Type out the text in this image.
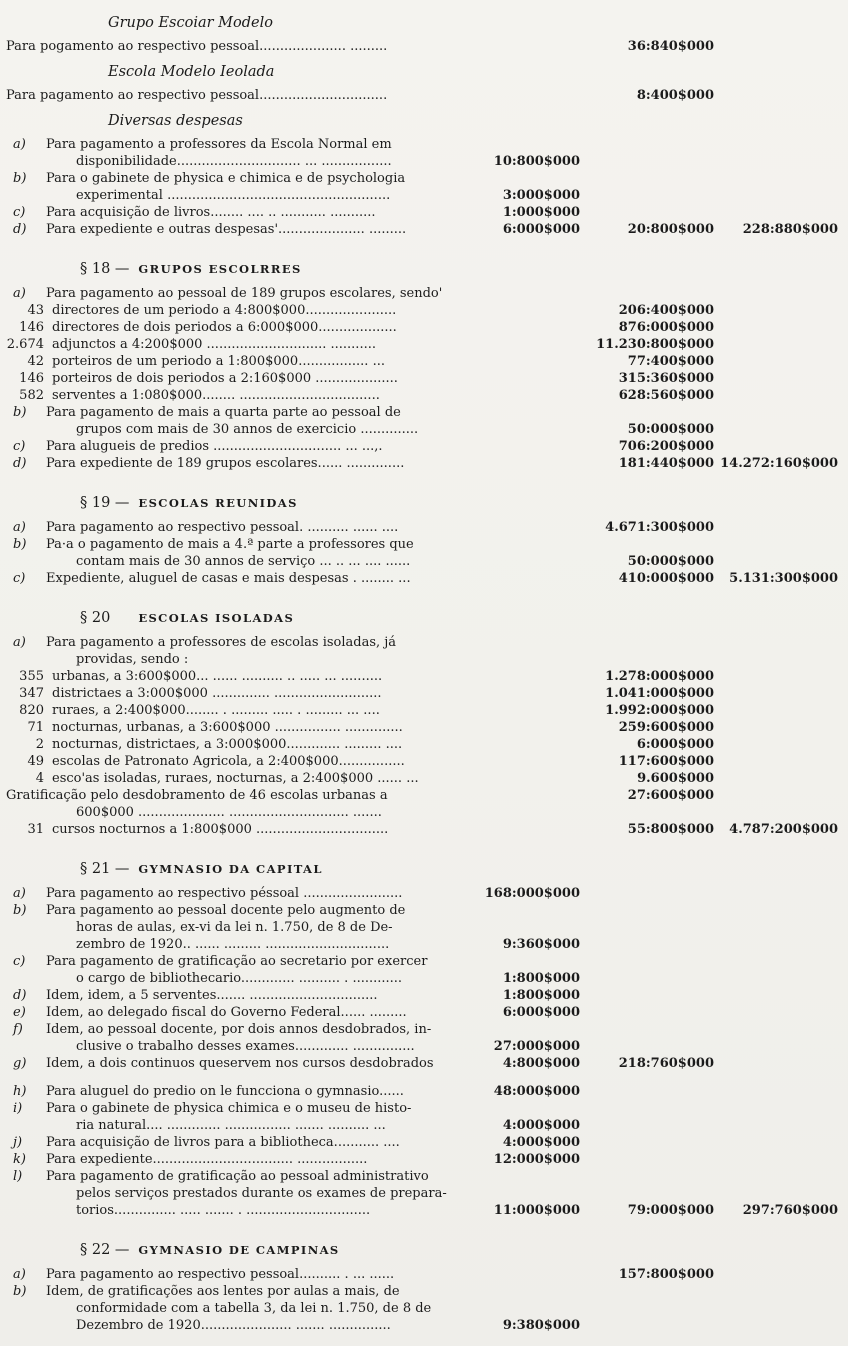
Grupo Escoiar Modelo
Para pogamento ao respectivo pessoal..................... .........	36:840$000
Escola Modelo Ieolada
Para pagamento ao respectivo pessoal...............................	8:400$000
Diversas despesas
a)	Para pagamento a professores da Escola Normal em
disponibilidade.............................. ... .................	10:800$000
b)	Para o gabinete de physica e chimica e de psychologia
experimental ......................................................	3:000$000
c)	Para acquisição de livros........ .... .. ........... ...........	1:000$000
d)	Para expediente e outras despesas'..................... .........	6:000$000	20:800$000	228:880$000
§ 18 — GRUPOS ESCOLRRES
a)	Para pagamento ao pessoal de 189 grupos escolares, sendo'
43 directores de um periodo a 4:800$000......................	206:400$000
146 directores de dois periodos a 6:000$000...................	876:000$000
2.674 adjunctos a 4:200$000 ............................. ...........	11.230:800$000
42 porteiros de um periodo a 1:800$000................. ...	77:400$000
146 porteiros de dois periodos a 2:160$000 ....................	315:360$000
582 serventes a 1:080$000........ ..................................	628:560$000
b)	Para pagamento de mais a quarta parte ao pessoal de
grupos com mais de 30 annos de exercicio ..............	50:000$000
c)	Para alugueis de predios ............................... ... ...,.	706:200$000
d)	Para expediente de 189 grupos escolares...... ..............	181:440$000 14.272:160$000
§ 19 — ESCOLAS REUNIDAS
a)	Para pagamento ao respectivo pessoal. .......... ...... ....	4.671:300$000
b)	Pa·a o pagamento de mais a 4.ª parte a professores que
contam mais de 30 annos de serviço ... .. ... .... ......	50:000$000
c)	Expediente, aluguel de casas e mais despesas . ........ ...	410:000$000	5.131:300$000
§ 20 ESCOLAS ISOLADAS
a)	Para pagamento a professores de escolas isoladas, já
providas, sendo :
355 urbanas, a 3:600$000... ...... .......... .. ..... ... ..........	1.278:000$000
347 districtaes a 3:000$000 .............. ..........................	1.041:000$000
820 ruraes, a 2:400$000........ . ......... ..... . ......... ... ....	1.992:000$000
71 nocturnas, urbanas, a 3:600$000 ................ ..............	259:600$000
2 nocturnas, districtaes, a 3:000$000............. ......... ....	6:000$000
49 escolas de Patronato Agricola, a 2:400$000................	117:600$000
4 esco'as isoladas, ruraes, nocturnas, a 2:400$000 ...... ...	9.600$000
Gratificação pelo desdobramento de 46 escolas urbanas a	27:600$000
600$000 ..................... ............................. .......
31 cursos nocturnos a 1:800$000 ................................	55:800$000	4.787:200$000
§ 21 — GYMNASIO DA CAPITAL
a)	Para pagamento ao respectivo péssoal ........................	168:000$000
b)	Para pagamento ao pessoal docente pelo augmento de
horas de aulas, ex-vi da lei n. 1.750, de 8 de De-
zembro de 1920.. ...... ......... ..............................	9:360$000
c)	Para pagamento de gratificação ao secretario por exercer
o cargo de bibliothecario............. .......... . ............	1:800$000
d)	Idem, idem, a 5 serventes....... ...............................	1:800$000
e)	Idem, ao delegado fiscal do Governo Federal...... .........	6:000$000
f)	Idem, ao pessoal docente, por dois annos desdobrados, in-
clusive o trabalho desses exames............. ...............	27:000$000
g)	Idem, a dois continuos queservem nos cursos desdobrados	4:800$000	218:760$000
h)	Para aluguel do predio on le funcciona o gymnasio......	48:000$000
i)	Para o gabinete de physica chimica e o museu de histo-
ria natural.... ............. ................ ....... .......... ...	4:000$000
j)	Para acquisição de livros para a bibliotheca........... ....	4:000$000
k)	Para expediente.................................. .................	12:000$000
l)	Para pagamento de gratificação ao pessoal administrativo
pelos serviços prestados durante os exames de prepara-
torios............... ..... ....... . ..............................	11:000$000	79:000$000	297:760$000
§ 22 — GYMNASIO DE CAMPINAS
a)	Para pagamento ao respectivo pessoal.......... . ... ......	157:800$000
b)	Idem, de gratificações aos lentes por aulas a mais, de
conformidade com a tabella 3, da lei n. 1.750, de 8 de
Dezembro de 1920...................... ....... ...............	9:380$000
